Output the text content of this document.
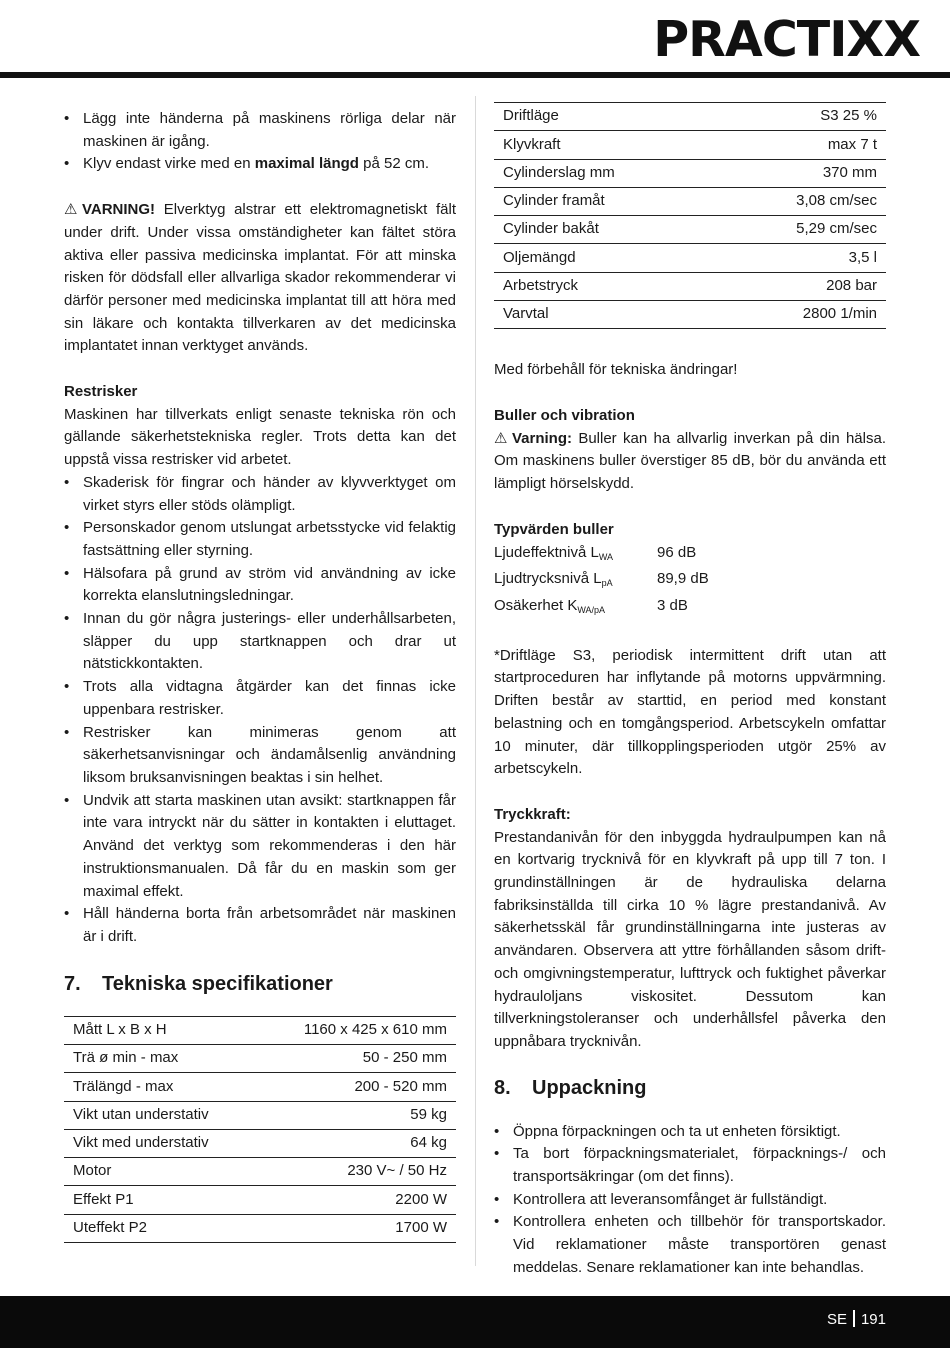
PRACTIXX
• Lägg inte händerna på maskinens rörliga delar när maskinen är igång.
• Klyv endast virke med en maximal längd på 52 cm.

⚠ VARNING! Elverktyg alstrar ett elektromagnetiskt fält under drift. Under vissa omständigheter kan fältet störa aktiva eller passiva medicinska implantat. För att minska risken för dödsfall eller allvarliga skador rekommenderar vi därför personer med medicinska implantat till att höra med sin läkare och kontakta tillverkaren av det medicinska implantatet innan verktyget används.

Restrisker

Maskinen har tillverkats enligt senaste tekniska rön och gällande säkerhetstekniska regler. Trots detta kan det uppstå vissa restrisker vid arbetet.

• Skaderisk för fingrar och händer av klyvverktyget om virket styrs eller stöds olämpligt.
• Personskador genom utslungat arbetsstycke vid felaktig fastsättning eller styrning.
• Hälsofara på grund av ström vid användning av icke korrekta elanslutningsledningar.
• Innan du gör några justerings- eller underhållsarbeten, släpper du upp startknappen och drar ut nätstickkontakten.
• Trots alla vidtagna åtgärder kan det finnas icke uppenbara restrisker.
• Restrisker kan minimeras genom att säkerhetsanvisningar och ändamålsenlig användning liksom bruksanvisningen beaktas i sin helhet.
• Undvik att starta maskinen utan avsikt: startknappen får inte vara intryckt när du sätter in kontakten i eluttaget. Använd det verktyg som rekommenderas i den här instruktionsmanualen. Då får du en maskin som ger maximal effekt.
• Håll händerna borta från arbetsområdet när maskinen är i drift.
7. Tekniska specifikationer
Mått L x B x H	1160 x 425 x 610 mm
Trä ø min - max	50 - 250 mm
Trälängd - max	200 - 520 mm
Vikt utan understativ	59 kg
Vikt med understativ	64 kg
Motor	230 V~ / 50 Hz
Effekt P1	2200 W
Uteffekt P2	1700 W
Driftläge	S3 25 %
Klyvkraft	max 7 t
Cylinderslag mm	370 mm
Cylinder framåt	3,08 cm/sec
Cylinder bakåt	5,29 cm/sec
Oljemängd	3,5 l
Arbetstryck	208 bar
Varvtal	2800 1/min

Med förbehåll för tekniska ändringar!

Buller och vibration

⚠ Varning: Buller kan ha allvarlig inverkan på din hälsa. Om maskinens buller överstiger 85 dB, bör du använda ett lämpligt hörselskydd.

Typvärden buller
Ljudeffektnivå $L_{WA}$	96 dB
Ljudtrycksnivå $L_{pA}$	89,9 dB
Osäkerhet $K_{WA/pA}$	3 dB

*Driftläge S3, periodisk intermittent drift utan att startproceduren har inflytande på motorns uppvärmning. Driften består av starttid, en period med konstant belastning och en tomgångsperiod. Arbetscykeln omfattar 10 minuter, där tillkopplingsperioden utgör 25% av arbetscykeln.

Tryckkraft:

Prestandanivån för den inbyggda hydraulpumpen kan nå en kortvarig trycknivå för en klyvkraft på upp till 7 ton. I grundinställningen är de hydrauliska delarna fabriksinställda till cirka 10 % lägre prestandanivå. Av säkerhetsskäl får grundinställningarna inte justeras av användaren. Observera att yttre förhållanden såsom drift- och omgivningstemperatur, lufttryck och fuktighet påverkar hydrauloljans viskositet. Dessutom kan tillverkningstoleranser och underhållsfel påverka den uppnåbara trycknivån.

8. Uppackning
• Öppna förpackningen och ta ut enheten försiktigt.
• Ta bort förpackningsmaterialet, förpacknings-/ och transportsäkringar (om det finns).
• Kontrollera att leveransomfånget är fullständigt.
• Kontrollera enheten och tillbehör för transportskador. Vid reklamationer måste transportören genast meddelas. Senare reklamationer kan inte behandlas.
SE 191
